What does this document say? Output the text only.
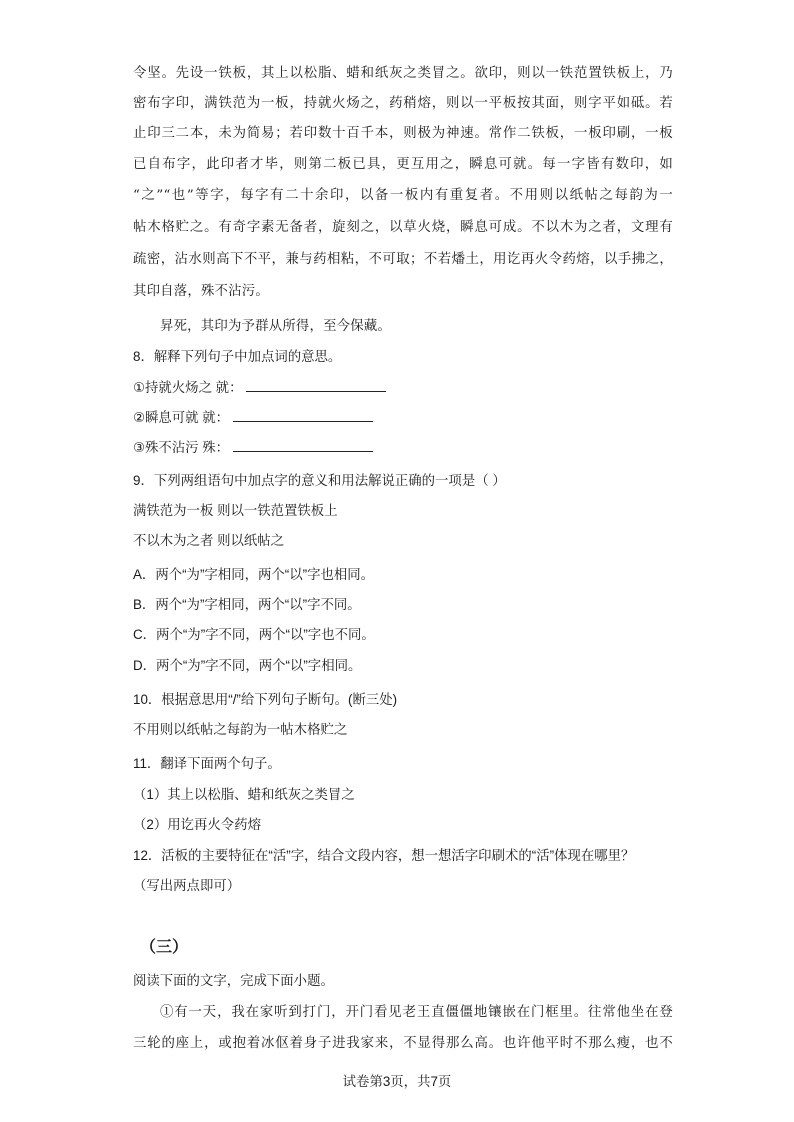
令坚。先设一铁板，其上以松脂、蜡和纸灰之类冒之。欲印，则以一铁范置铁板上，乃
密布字印，满铁范为一板，持就火炀之，药稍熔，则以一平板按其面，则字平如砥。若
止印三二本，未为简易；若印数十百千本，则极为神速。常作二铁板，一板印刷，一板
已自布字，此印者才毕，则第二板已具，更互用之，瞬息可就。每一字皆有数印，如
“之”“也”等字，每字有二十余印，以备一板内有重复者。不用则以纸帖之每韵为一
帖木格贮之。有奇字素无备者，旋刻之，以草火烧，瞬息可成。不以木为之者，文理有
疏密，沾水则高下不平，兼与药相粘，不可取；不若燔土，用讫再火令药熔，以手拂之，
其印自落，殊不沾污。
昇死，其印为予群从所得，至今保藏。
8．解释下列句子中加点词的意思。
①持就火炀之 就：
②瞬息可就 就：
③殊不沾污 殊：
9．下列两组语句中加点字的意义和用法解说正确的一项是（ ）
满铁范为一板 则以一铁范置铁板上
不以木为之者 则以纸帖之
A．两个“为”字相同，两个“以”字也相同。
B．两个“为”字相同，两个“以”字不同。
C．两个“为”字不同，两个“以”字也不同。
D．两个“为”字不同，两个“以”字相同。
10．根据意思用“/”给下列句子断句。(断三处)
不用则以纸帖之每韵为一帖木格贮之
11．翻译下面两个句子。
（1）其上以松脂、蜡和纸灰之类冒之
（2）用讫再火令药熔
12．活板的主要特征在“活”字，结合文段内容，想一想活字印刷术的“活”体现在哪里？
（写出两点即可）
（三）
阅读下面的文字，完成下面小题。
①有一天，我在家听到打门，开门看见老王直僵僵地镶嵌在门框里。往常他坐在登
三轮的座上，或抱着冰伛着身子进我家来，不显得那么高。也许他平时不那么瘦，也不
试卷第3页，共7页
